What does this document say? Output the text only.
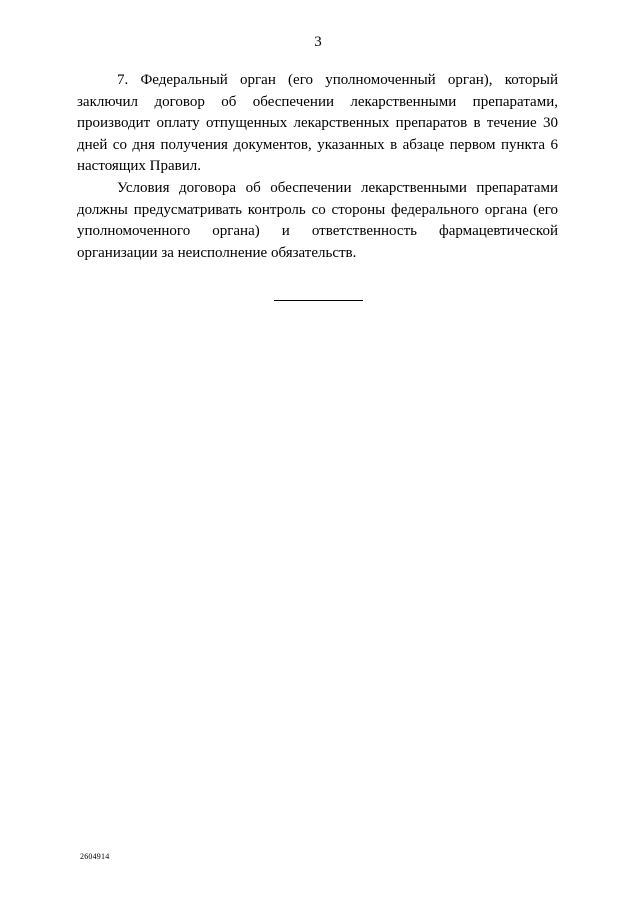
3

7. Федеральный орган (его уполномоченный орган), который заключил договор об обеспечении лекарственными препаратами, производит оплату отпущенных лекарственных препаратов в течение 30 дней со дня получения документов, указанных в абзаце первом пункта 6 настоящих Правил.

Условия договора об обеспечении лекарственными препаратами должны предусматривать контроль со стороны федерального органа (его уполномоченного органа) и ответственность фармацевтической организации за неисполнение обязательств.

2604914
